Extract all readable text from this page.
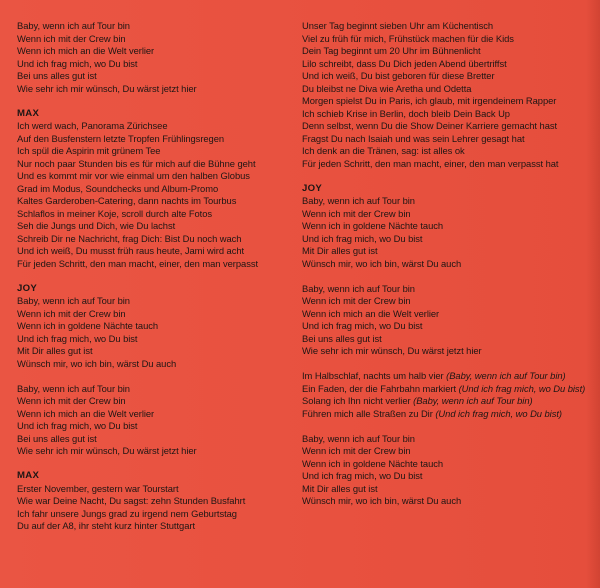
Baby, wenn ich auf Tour bin
Wenn ich mit der Crew bin
Wenn ich mich an die Welt verlier
Und ich frag mich, wo Du bist
Bei uns alles gut ist
Wie sehr ich mir wünsch, Du wärst jetzt hier
MAX
Ich werd wach, Panorama Zürichsee
Auf den Busfenstern letzte Tropfen Frühlingsregen
Ich spül die Aspirin mit grünem Tee
Nur noch paar Stunden bis es für mich auf die Bühne geht
Und es kommt mir vor wie einmal um den halben Globus
Grad im Modus, Soundchecks und Album-Promo
Kaltes Garderoben-Catering, dann nachts im Tourbus
Schlaflos in meiner Koje, scroll durch alte Fotos
Seh die Jungs und Dich, wie Du lachst
Schreib Dir ne Nachricht, frag Dich: Bist Du noch wach
Und ich weiß, Du musst früh raus heute, Jami wird acht
Für jeden Schritt, den man macht, einer, den man verpasst
JOY
Baby, wenn ich auf Tour bin
Wenn ich mit der Crew bin
Wenn ich in goldene Nächte tauch
Und ich frag mich, wo Du bist
Mit Dir alles gut ist
Wünsch mir, wo ich bin, wärst Du auch
Baby, wenn ich auf Tour bin
Wenn ich mit der Crew bin
Wenn ich mich an die Welt verlier
Und ich frag mich, wo Du bist
Bei uns alles gut ist
Wie sehr ich mir wünsch, Du wärst jetzt hier
MAX
Erster November, gestern war Tourstart
Wie war Deine Nacht, Du sagst: zehn Stunden Busfahrt
Ich fahr unsere Jungs grad zu irgend nem Geburtstag
Du auf der A8, ihr steht kurz hinter Stuttgart
Unser Tag beginnt sieben Uhr am Küchentisch
Viel zu früh für mich, Frühstück machen für die Kids
Dein Tag beginnt um 20 Uhr im Bühnenlicht
Lilo schreibt, dass Du Dich jeden Abend übertriffst
Und ich weiß, Du bist geboren für diese Bretter
Du bleibst ne Diva wie Aretha und Odetta
Morgen spielst Du in Paris, ich glaub, mit irgendeinem Rapper
Ich schieb Krise in Berlin, doch bleib Dein Back Up
Denn selbst, wenn Du die Show Deiner Karriere gemacht hast
Fragst Du nach Isaiah und was sein Lehrer gesagt hat
Ich denk an die Tränen, sag: ist alles ok
Für jeden Schritt, den man macht, einer, den man verpasst hat
JOY
Baby, wenn ich auf Tour bin
Wenn ich mit der Crew bin
Wenn ich in goldene Nächte tauch
Und ich frag mich, wo Du bist
Mit Dir alles gut ist
Wünsch mir, wo ich bin, wärst Du auch
Baby, wenn ich auf Tour bin
Wenn ich mit der Crew bin
Wenn ich mich an die Welt verlier
Und ich frag mich, wo Du bist
Bei uns alles gut ist
Wie sehr ich mir wünsch, Du wärst jetzt hier
Im Halbschlaf, nachts um halb vier (Baby, wenn ich auf Tour bin)
Ein Faden, der die Fahrbahn markiert (Und ich frag mich, wo Du bist)
Solang ich Ihn nicht verlier (Baby, wenn ich auf Tour bin)
Führen mich alle Straßen zu Dir (Und ich frag mich, wo Du bist)
Baby, wenn ich auf Tour bin
Wenn ich mit der Crew bin
Wenn ich in goldene Nächte tauch
Und ich frag mich, wo Du bist
Mit Dir alles gut ist
Wünsch mir, wo ich bin, wärst Du auch
